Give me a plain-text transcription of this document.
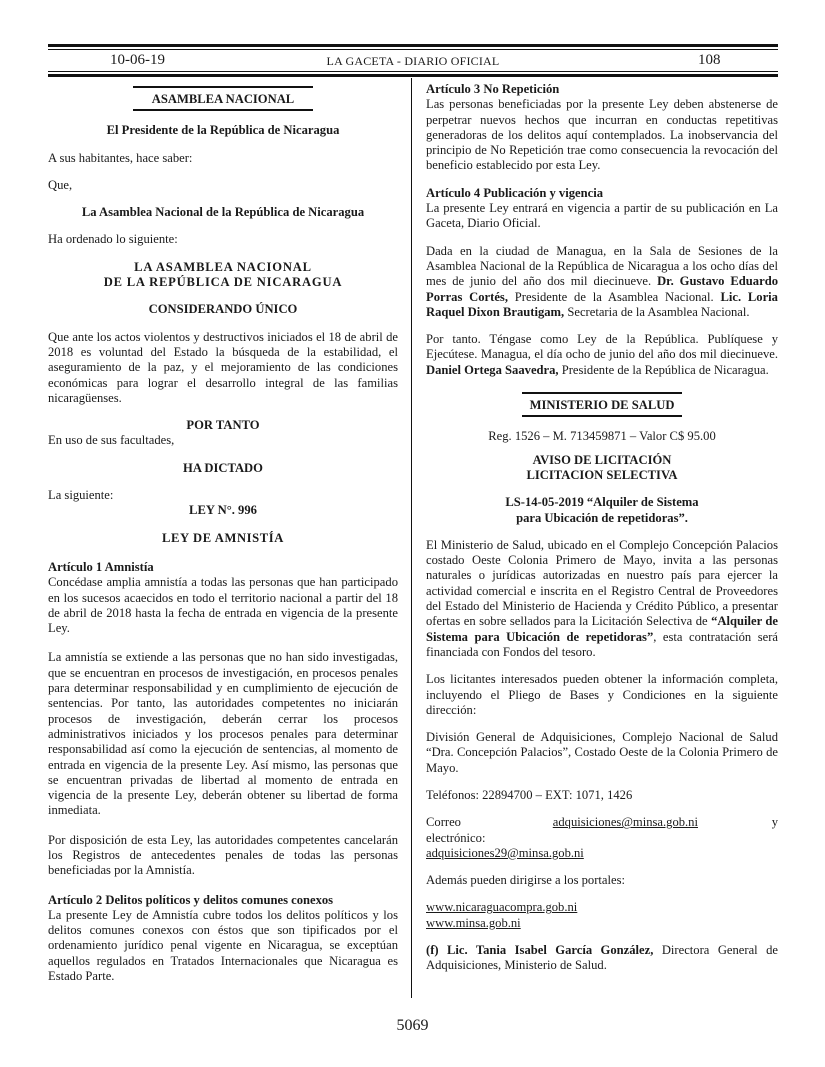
10-06-19	LA GACETA - DIARIO OFICIAL	108
ASAMBLEA NACIONAL

El Presidente de la República de Nicaragua

A sus habitantes, hace saber:

Que,

La Asamblea Nacional de la República de Nicaragua

Ha ordenado lo siguiente:

LA ASAMBLEA NACIONAL

DE LA REPÚBLICA DE NICARAGUA

CONSIDERANDO ÚNICO

Que ante los actos violentos y destructivos iniciados el 18 de abril de 2018 es voluntad del Estado la búsqueda de la estabilidad, el aseguramiento de la paz, y el mejoramiento de las condiciones económicas para lograr el desarrollo integral de las familias nicaragüenses.

POR TANTO

En uso de sus facultades,

HA DICTADO

La siguiente:

LEY N°. 996

LEY DE AMNISTÍA

Artículo 1 Amnistía

Concédase amplia amnistía a todas las personas que han participado en los sucesos acaecidos en todo el territorio nacional a partir del 18 de abril de 2018 hasta la fecha de entrada en vigencia de la presente Ley.

La amnistía se extiende a las personas que no han sido investigadas, que se encuentran en procesos de investigación, en procesos penales para determinar responsabilidad y en cumplimiento de ejecución de sentencias. Por tanto, las autoridades competentes no iniciarán procesos de investigación, deberán cerrar los procesos administrativos iniciados y los procesos penales para determinar responsabilidad así como la ejecución de sentencias, al momento de entrada en vigencia de la presente Ley. Así mismo, las personas que se encuentran privadas de libertad al momento de entrada en vigencia de la presente Ley, deberán obtener su libertad de forma inmediata.

Por disposición de esta Ley, las autoridades competentes cancelarán los Registros de antecedentes penales de todas las personas beneficiadas por la Amnistía.

Artículo 2 Delitos políticos y delitos comunes conexos

La presente Ley de Amnistía cubre todos los delitos políticos y los delitos comunes conexos con éstos que son tipificados por el ordenamiento jurídico penal vigente en Nicaragua, se exceptúan aquellos regulados en Tratados Internacionales que Nicaragua es Estado Parte.

Artículo 3 No Repetición

Las personas beneficiadas por la presente Ley deben abstenerse de perpetrar nuevos hechos que incurran en conductas repetitivas generadoras de los delitos aquí contemplados. La inobservancia del principio de No Repetición trae como consecuencia la revocación del beneficio establecido por esta Ley.

Artículo 4 Publicación y vigencia

La presente Ley entrará en vigencia a partir de su publicación en La Gaceta, Diario Oficial.

Dada en la ciudad de Managua, en la Sala de Sesiones de la Asamblea Nacional de la República de Nicaragua a los ocho días del mes de junio del año dos mil diecinueve. Dr. Gustavo Eduardo Porras Cortés, Presidente de la Asamblea Nacional. Lic. Loria Raquel Dixon Brautigam, Secretaria de la Asamblea Nacional.

Por tanto. Téngase como Ley de la República. Publíquese y Ejecútese. Managua, el día ocho de junio del año dos mil diecinueve. Daniel Ortega Saavedra, Presidente de la República de Nicaragua.

MINISTERIO DE SALUD

Reg. 1526 – M. 713459871 – Valor C$ 95.00

AVISO DE LICITACIÓN

LICITACION SELECTIVA

LS-14-05-2019 “Alquiler de Sistema

para Ubicación de repetidoras”.

El Ministerio de Salud, ubicado en el Complejo Concepción Palacios costado Oeste Colonia Primero de Mayo, invita a las personas naturales o jurídicas autorizadas en nuestro país para ejercer la actividad comercial e inscrita en el Registro Central de Proveedores del Estado del Ministerio de Hacienda y Crédito Público, a presentar ofertas en sobre sellados para la Licitación Selectiva de “Alquiler de Sistema para Ubicación de repetidoras”, esta contratación será financiada con Fondos del tesoro.

Los licitantes interesados pueden obtener la información completa, incluyendo el Pliego de Bases y Condiciones en la siguiente dirección:

División General de Adquisiciones, Complejo Nacional de Salud “Dra. Concepción Palacios”, Costado Oeste de la Colonia Primero de Mayo.

Teléfonos: 22894700 – EXT: 1071, 1426

Correo electrónico:
adquisiciones@minsa.gob.ni	y

adquisiciones29@minsa.gob.ni

Además pueden dirigirse a los portales:

www.nicaraguacompra.gob.ni

www.minsa.gob.ni

(f) Lic. Tania Isabel García González, Directora General de Adquisiciones, Ministerio de Salud.

5069
